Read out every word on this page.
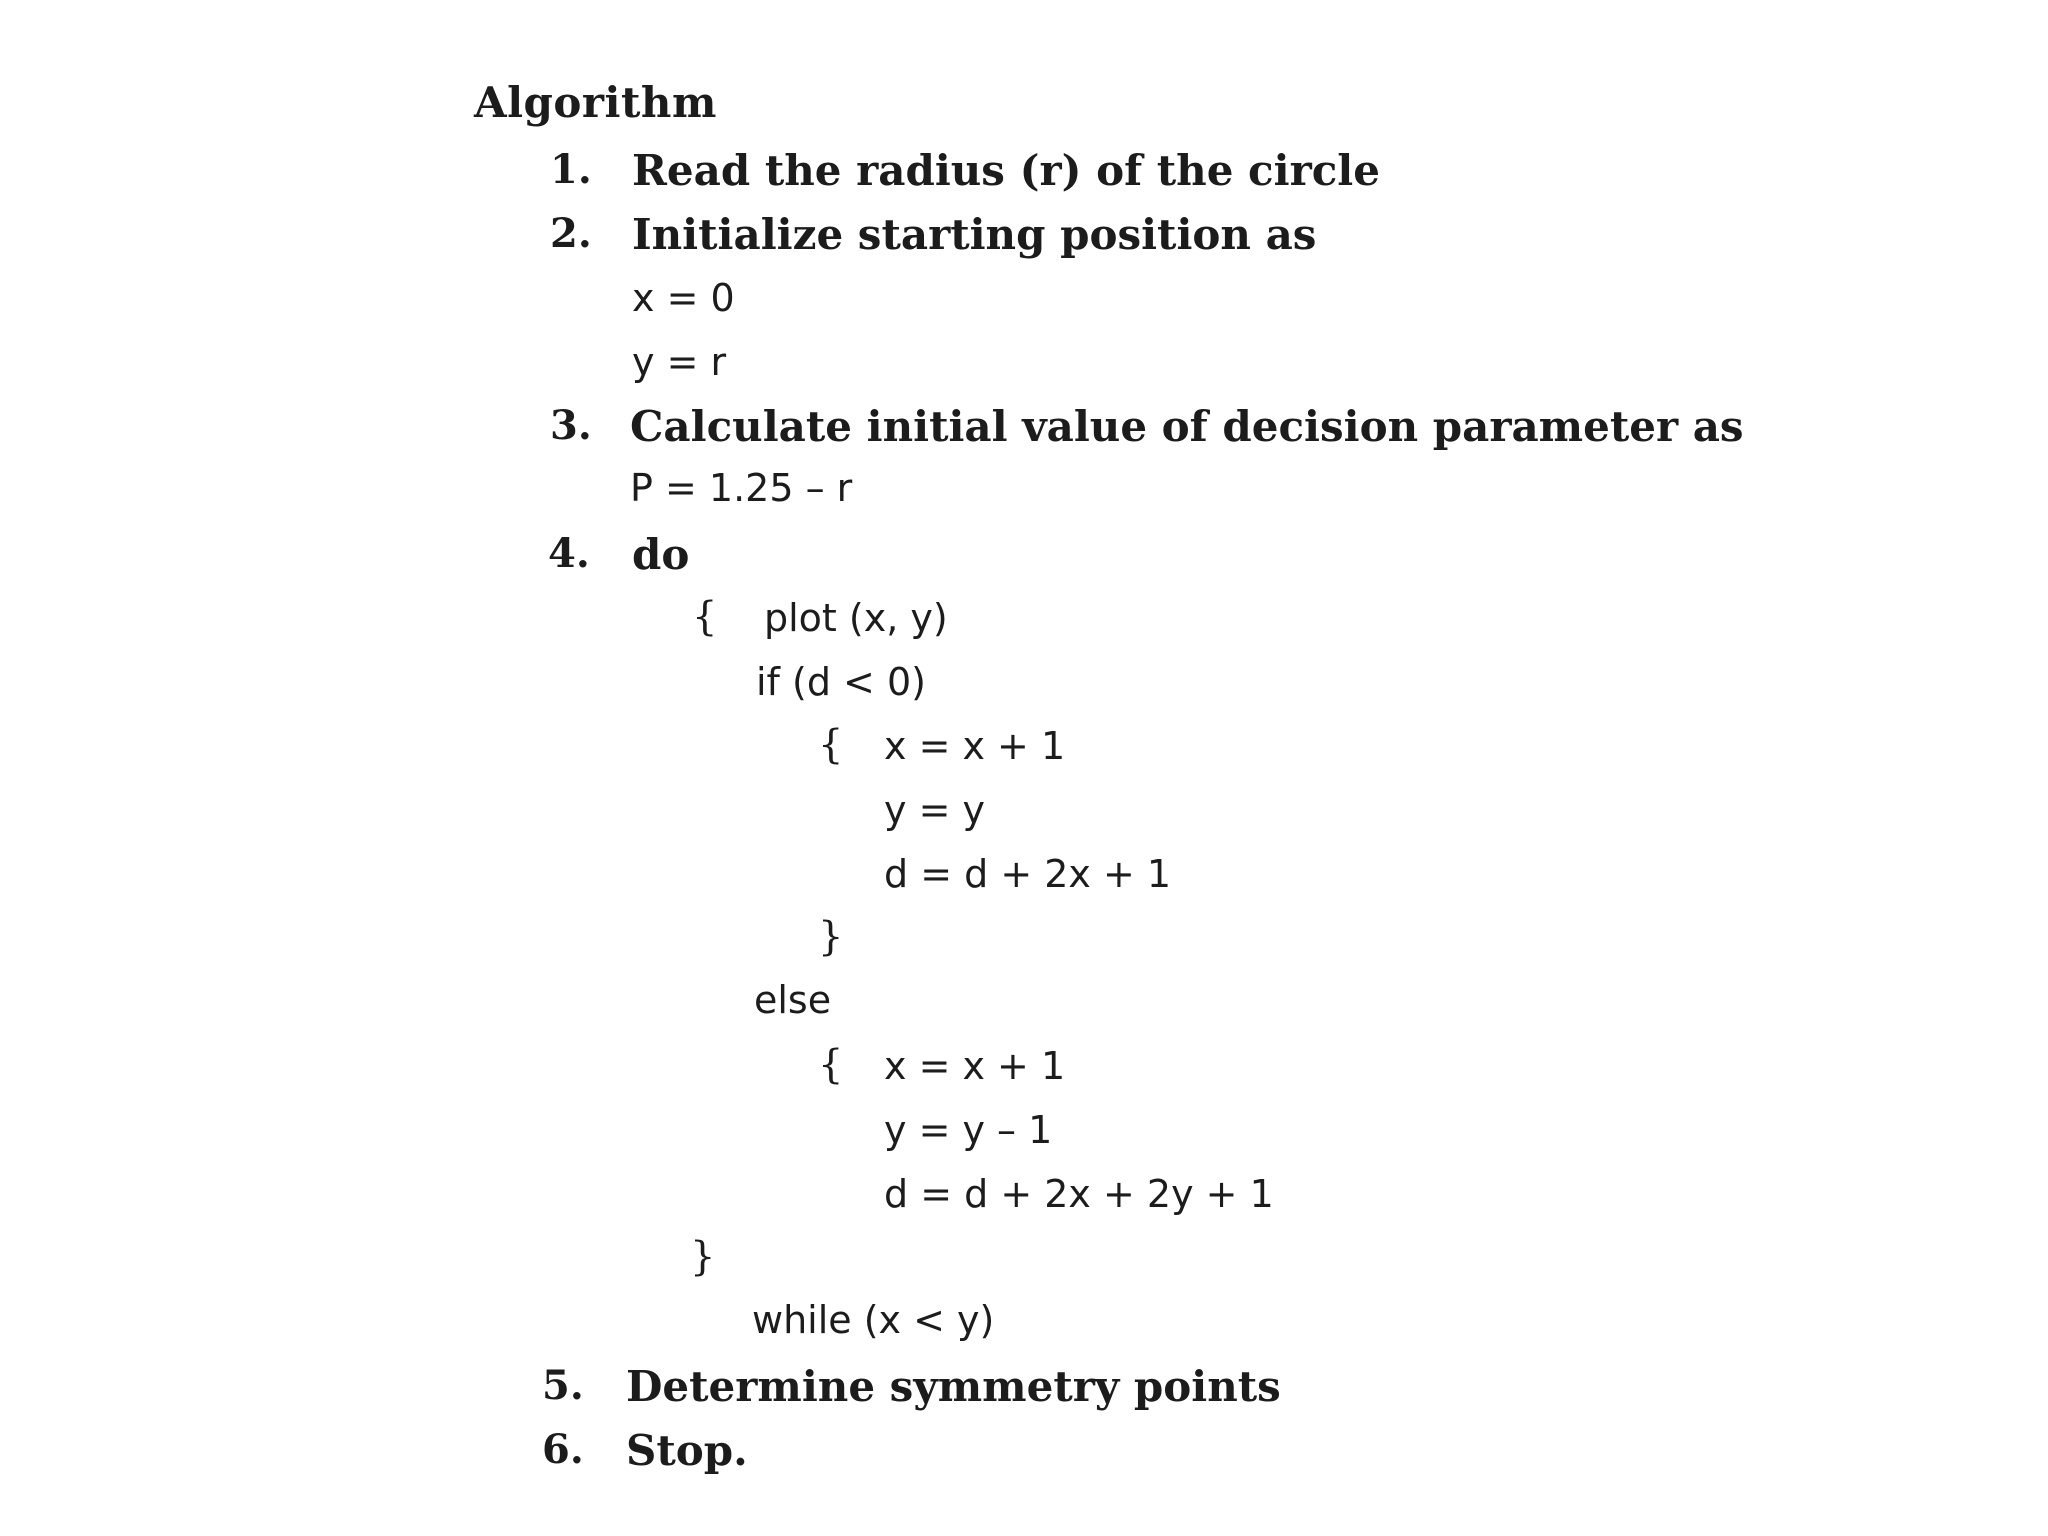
Algorithm
1. Read the radius (r) of the circle
2. Initialize starting position as
x = 0
y = r
3. Calculate initial value of decision parameter as
P = 1.25 – r
4. do
{ plot (x, y)
if (d < 0)
{ x = x + 1
y = y
d = d + 2x + 1
}
else
{ x = x + 1
y = y – 1
d = d + 2x + 2y + 1
}
while (x < y)
5. Determine symmetry points
6. Stop.
